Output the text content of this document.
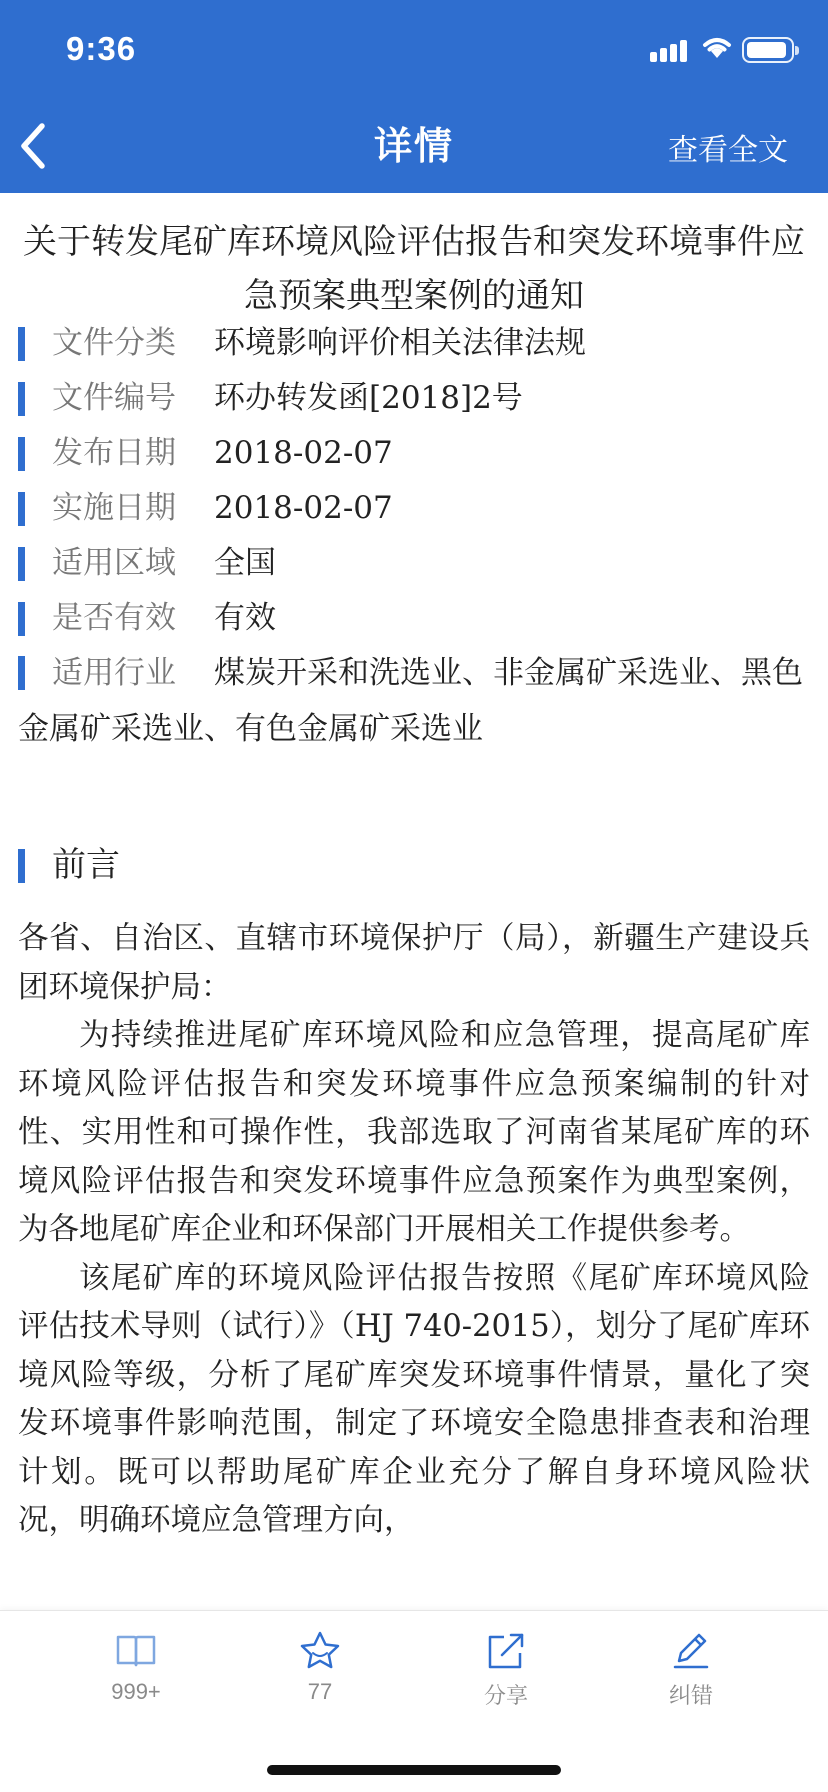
9:36
详情	查看全文
关于转发尾矿库环境风险评估报告和突发环境事件应急预案典型案例的通知
文件分类 环境影响评价相关法律法规
文件编号 环办转发函[2018]2号
发布日期 2018-02-07
实施日期 2018-02-07
适用区域 全国
是否有效 有效
适用行业 煤炭开采和洗选业、非金属矿采选业、黑色金属矿采选业、有色金属矿采选业
前言

各省、自治区、直辖市环境保护厅（局），新疆生产建设兵团环境保护局：

为持续推进尾矿库环境风险和应急管理，提高尾矿库环境风险评估报告和突发环境事件应急预案编制的针对性、实用性和可操作性，我部选取了河南省某尾矿库的环境风险评估报告和突发环境事件应急预案作为典型案例，为各地尾矿库企业和环保部门开展相关工作提供参考。

该尾矿库的环境风险评估报告按照《尾矿库环境风险评估技术导则（试行）》（HJ 740-2015），划分了尾矿库环境风险等级，分析了尾矿库突发环境事件情景，量化了突发环境事件影响范围，制定了环境安全隐患排查表和治理计划。既可以帮助尾矿库企业充分了解自身环境风险状况，明确环境应急管理方向，

999+	77	分享	纠错
